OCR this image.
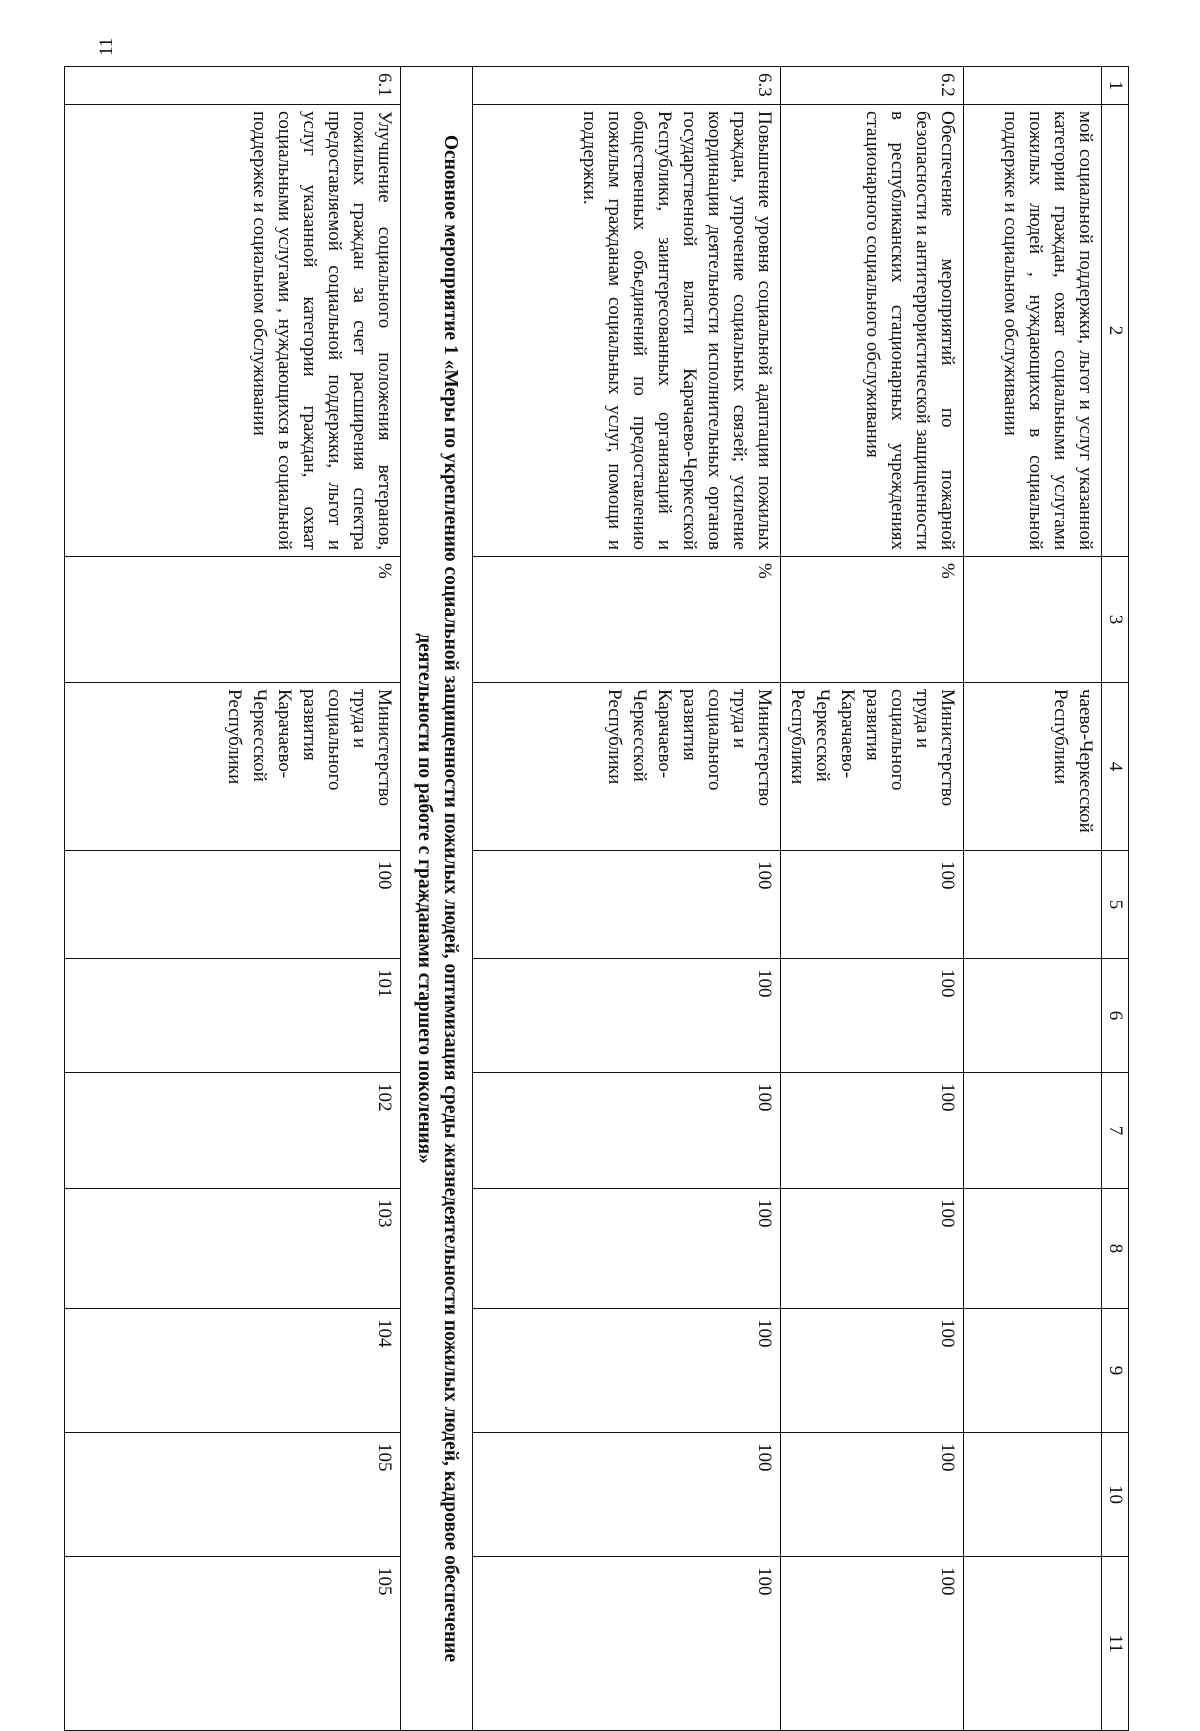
11
1	2	3	4	5	6	7	8	9	10	11
	мой социальной поддержки, льгот и услуг указанной категории граждан, охват социальными услугами пожилых людей , нуждающихся в социальной поддержке и социальном обслуживании		чаево-Черкесской Республики							
6.2	Обеспечение мероприятий по пожарной безопасности и антитеррористической защищенности в республиканских стационарных учреждениях стационарного социального обслуживания	%	Министерство труда и социального развития Карачаево-Черкесской Республики	100	100	100	100	100	100	100
6.3	Повышение уровня социальной адаптации пожилых граждан, упрочение социальных связей; усиление координации деятельности исполнительных органов государственной власти Карачаево-Черкесской Республики, заинтересованных организаций и общественных объединений по предоставлению пожилым гражданам социальных услуг, помощи и поддержки.	%	Министерство труда и социального развития Карачаево-Черкесской Республики	100	100	100	100	100	100	100
Основное мероприятие 1 «Меры по укреплению социальной защищенности пожилых людей, оптимизация среды жизнедеятельности пожилых людей, кадровое обеспечение деятельности по работе с гражданами старшего поколения»										
6.1	Улучшение социального положения ветеранов, пожилых граждан за счет расширения спектра предоставляемой социальной поддержки, льгот и услуг указанной категории граждан, охват социальными услугами , нуждающихся в социальной поддержке и социальном обслуживании	%	Министерство труда и социального развития Карачаево-Черкесской Республики	100	101	102	103	104	105	105
